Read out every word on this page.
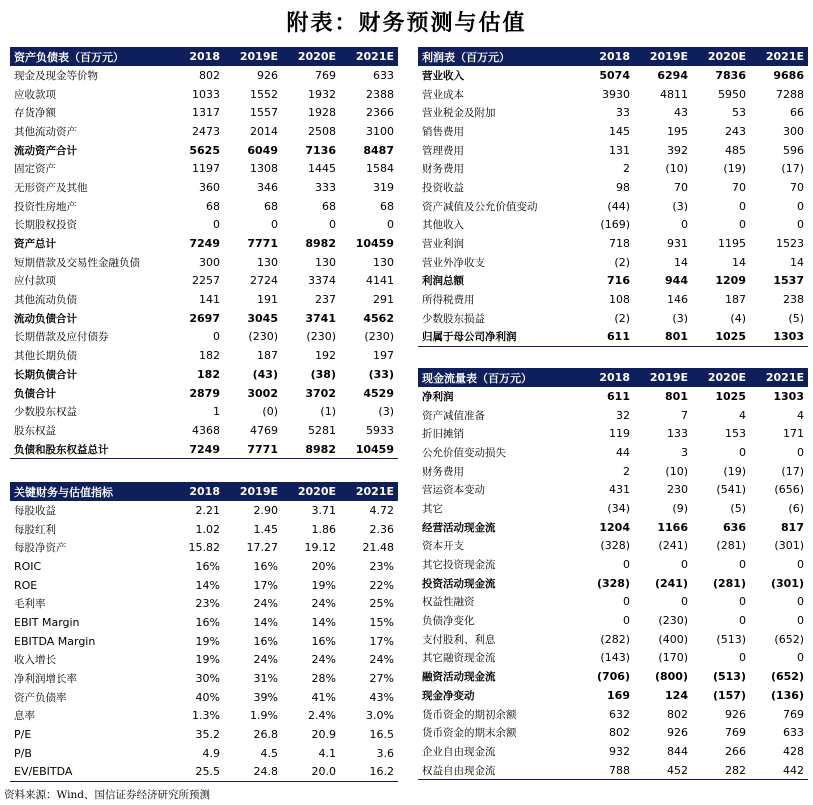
附表：财务预测与估值
资产负债表（百万元）	2018	2019E	2020E	2021E
现金及现金等价物	802	926	769	633
应收款项	1033	1552	1932	2388
存货净额	1317	1557	1928	2366
其他流动资产	2473	2014	2508	3100
流动资产合计	5625	6049	7136	8487
固定资产	1197	1308	1445	1584
无形资产及其他	360	346	333	319
投资性房地产	68	68	68	68
长期股权投资	0	0	0	0
资产总计	7249	7771	8982	10459
短期借款及交易性金融负债	300	130	130	130
应付款项	2257	2724	3374	4141
其他流动负债	141	191	237	291
流动负债合计	2697	3045	3741	4562
长期借款及应付债券	0	(230)	(230)	(230)
其他长期负债	182	187	192	197
长期负债合计	182	(43)	(38)	(33)
负债合计	2879	3002	3702	4529
少数股东权益	1	(0)	(1)	(3)
股东权益	4368	4769	5281	5933
负债和股东权益总计	7249	7771	8982	10459
关键财务与估值指标	2018	2019E	2020E	2021E
每股收益	2.21	2.90	3.71	4.72
每股红利	1.02	1.45	1.86	2.36
每股净资产	15.82	17.27	19.12	21.48
ROIC	16%	16%	20%	23%
ROE	14%	17%	19%	22%
毛利率	23%	24%	24%	25%
EBIT Margin	16%	14%	14%	15%
EBITDA Margin	19%	16%	16%	17%
收入增长	19%	24%	24%	24%
净利润增长率	30%	31%	28%	27%
资产负债率	40%	39%	41%	43%
息率	1.3%	1.9%	2.4%	3.0%
P/E	35.2	26.8	20.9	16.5
P/B	4.9	4.5	4.1	3.6
EV/EBITDA	25.5	24.8	20.0	16.2
利润表（百万元）	2018	2019E	2020E	2021E
营业收入	5074	6294	7836	9686
营业成本	3930	4811	5950	7288
营业税金及附加	33	43	53	66
销售费用	145	195	243	300
管理费用	131	392	485	596
财务费用	2	(10)	(19)	(17)
投资收益	98	70	70	70
资产减值及公允价值变动	(44)	(3)	0	0
其他收入	(169)	0	0	0
营业利润	718	931	1195	1523
营业外净收支	(2)	14	14	14
利润总额	716	944	1209	1537
所得税费用	108	146	187	238
少数股东损益	(2)	(3)	(4)	(5)
归属于母公司净利润	611	801	1025	1303
现金流量表（百万元）	2018	2019E	2020E	2021E
净利润	611	801	1025	1303
资产减值准备	32	7	4	4
折旧摊销	119	133	153	171
公允价值变动损失	44	3	0	0
财务费用	2	(10)	(19)	(17)
营运资本变动	431	230	(541)	(656)
其它	(34)	(9)	(5)	(6)
经营活动现金流	1204	1166	636	817
资本开支	(328)	(241)	(281)	(301)
其它投资现金流	0	0	0	0
投资活动现金流	(328)	(241)	(281)	(301)
权益性融资	0	0	0	0
负债净变化	0	(230)	0	0
支付股利、利息	(282)	(400)	(513)	(652)
其它融资现金流	(143)	(170)	0	0
融资活动现金流	(706)	(800)	(513)	(652)
现金净变动	169	124	(157)	(136)
货币资金的期初余额	632	802	926	769
货币资金的期末余额	802	926	769	633
企业自由现金流	932	844	266	428
权益自由现金流	788	452	282	442
资料来源：Wind、国信证券经济研究所预测
